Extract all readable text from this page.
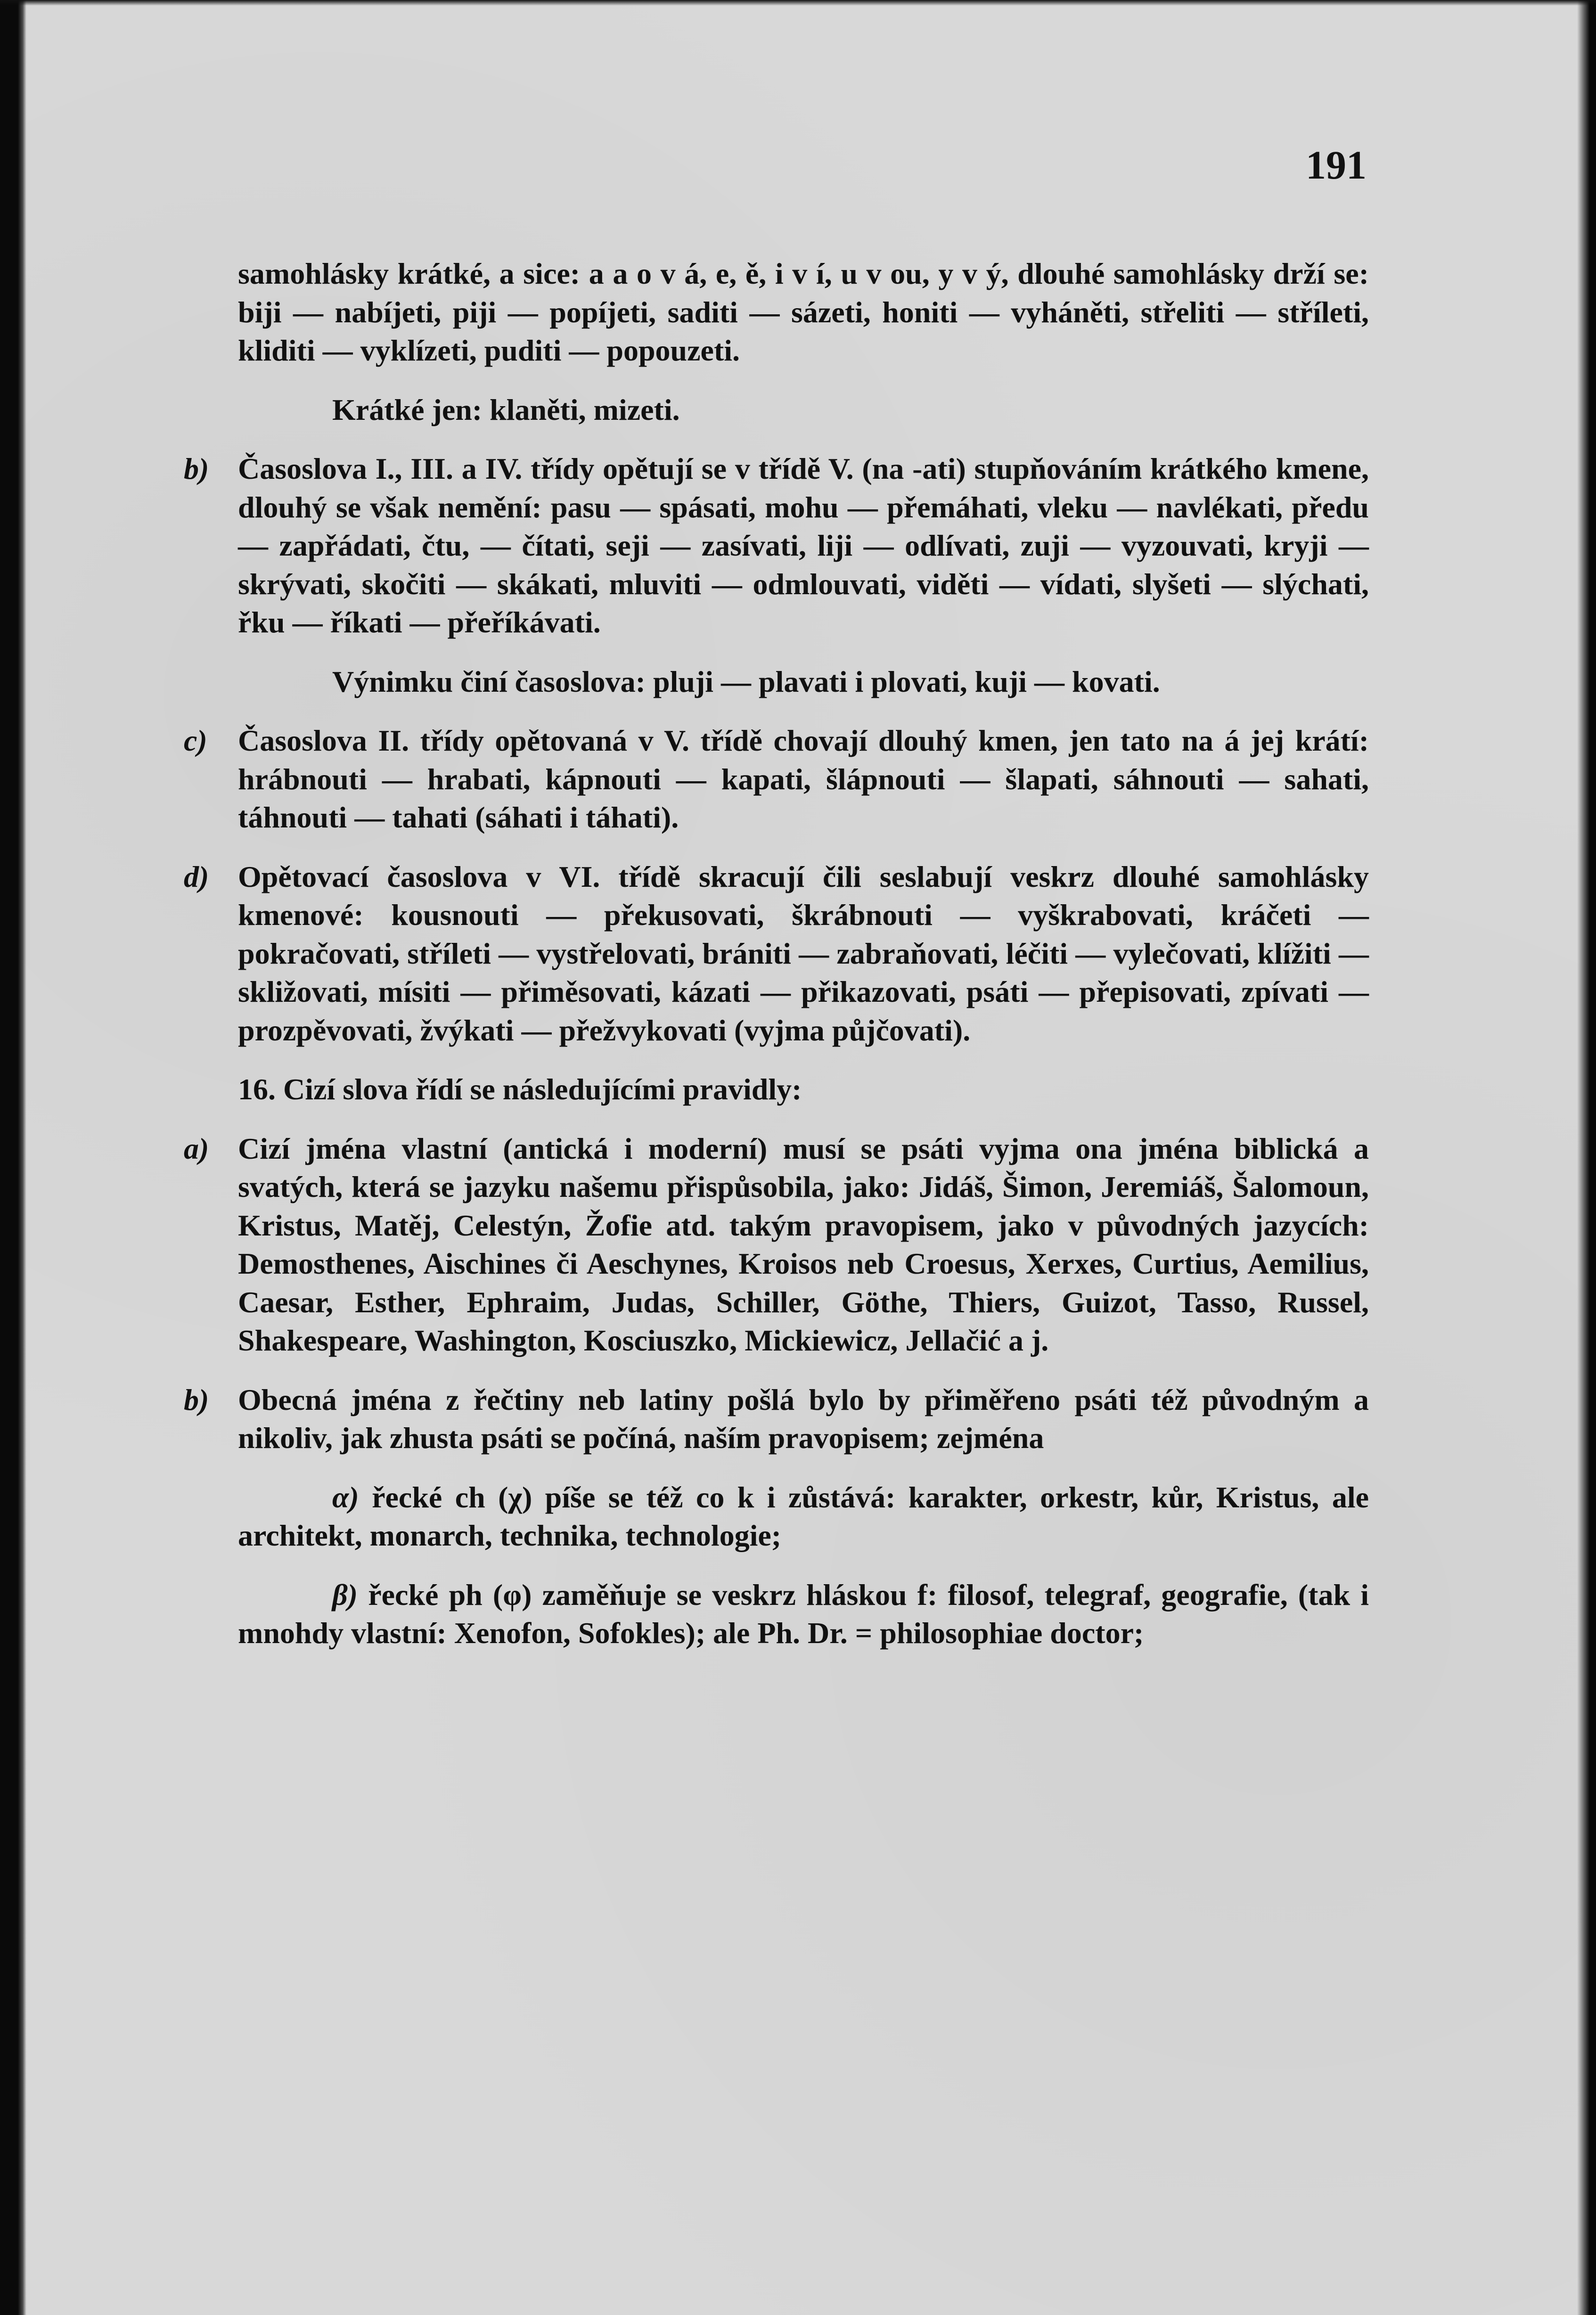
191

samohlásky krátké, a sice: a a o v á, e, ě, i v í, u v ou, y v ý, dlouhé samohlásky drží se: biji — nabíjeti, piji — popíjeti, saditi — sázeti, honiti — vyháněti, střeliti — stříleti, kliditi — vyklízeti, puditi — popouzeti.

Krátké jen: klaněti, mizeti.

b) Časoslova I., III. a IV. třídy opětují se v třídě V. (na -ati) stupňováním krátkého kmene, dlouhý se však nemění: pasu — spásati, mohu — přemáhati, vleku — navlékati, předu — zapřádati, čtu, — čítati, seji — zasívati, liji — odlívati, zuji — vyzouvati, kryji — skrývati, skočiti — skákati, mluviti — odmlouvati, viděti — vídati, slyšeti — slýchati, řku — říkati — přeříkávati.

Výnimku činí časoslova: pluji — plavati i plovati, kuji — kovati.

c) Časoslova II. třídy opětovaná v V. třídě chovají dlouhý kmen, jen tato na á jej krátí: hrábnouti — hrabati, kápnouti — kapati, šlápnouti — šlapati, sáhnouti — sahati, táhnouti — tahati (sáhati i táhati).

d) Opětovací časoslova v VI. třídě skracují čili seslabují veskrz dlouhé samohlásky kmenové: kousnouti — překusovati, škrábnouti — vyškrabovati, kráčeti — pokračovati, stříleti — vystřelovati, brániti — zabraňovati, léčiti — vylečovati, klížiti — skližovati, mísiti — přiměsovati, kázati — přikazovati, psáti — přepisovati, zpívati — prozpěvovati, žvýkati — přežvykovati (vyjma půjčovati).

16. Cizí slova řídí se následujícími pravidly:

a) Cizí jména vlastní (antická i moderní) musí se psáti vyjma ona jména biblická a svatých, která se jazyku našemu přispůsobila, jako: Jidáš, Šimon, Jeremiáš, Šalomoun, Kristus, Matěj, Celestýn, Žofie atd. takým pravopisem, jako v původných jazycích: Demosthenes, Aischines či Aeschynes, Kroisos neb Croesus, Xerxes, Curtius, Aemilius, Caesar, Esther, Ephraim, Judas, Schiller, Göthe, Thiers, Guizot, Tasso, Russel, Shakespeare, Washington, Kosciuszko, Mickiewicz, Jellačić a j.

b) Obecná jména z řečtiny neb latiny pošlá bylo by přiměřeno psáti též původným a nikoliv, jak zhusta psáti se počíná, naším pravopisem; zejména

α) řecké ch (χ) píše se též co k i zůstává: karakter, orkestr, kůr, Kristus, ale architekt, monarch, technika, technologie;

β) řecké ph (φ) zaměňuje se veskrz hláskou f: filosof, telegraf, geografie, (tak i mnohdy vlastní: Xenofon, Sofokles); ale Ph. Dr. = philosophiae doctor;
